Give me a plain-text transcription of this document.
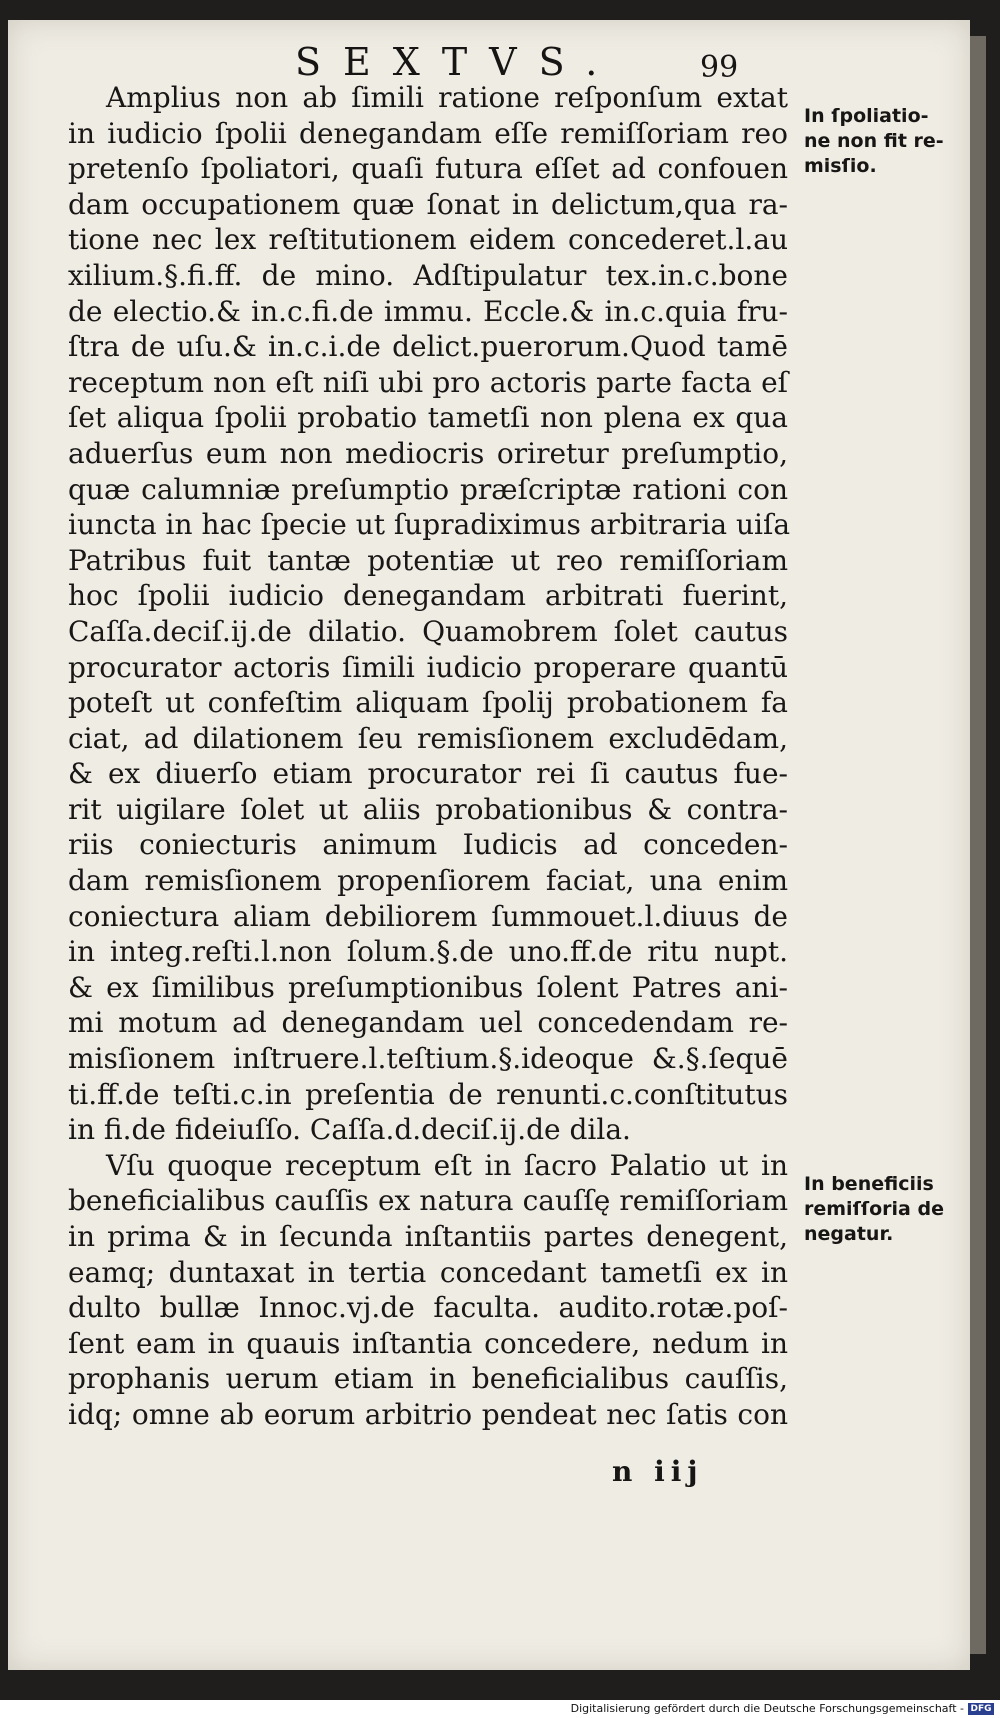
SEXTVS.	99
Amplius non ab ſimili ratione reſponſum extat
in iudicio ſpolii denegandam eſſe remiſſoriam reo
pretenſo ſpoliatori, quaſi futura eſſet ad confouen
dam occupationem quæ ſonat in delictum,qua ra-
tione nec lex reſtitutionem eidem concederet.l.au
xilium.§.fi.ff. de mino. Adſtipulatur tex.in.c.bone
de electio.& in.c.fi.de immu. Eccle.& in.c.quia fru-
ſtra de uſu.& in.c.i.de delict.puerorum.Quod tamē
receptum non eſt niſi ubi pro actoris parte facta eſ
ſet aliqua ſpolii probatio tametſi non plena ex qua
aduerſus eum non mediocris oriretur preſumptio,
quæ calumniæ preſumptio præſcriptæ rationi con
iuncta in hac ſpecie ut ſupradiximus arbitraria uiſa
Patribus fuit tantæ potentiæ ut reo remiſſoriam
hoc ſpolii iudicio denegandam arbitrati fuerint,
Caſſa.deciſ.ij.de dilatio. Quamobrem ſolet cautus
procurator actoris ſimili iudicio properare quantū
poteſt ut confeſtim aliquam ſpolij probationem fa
ciat, ad dilationem ſeu remisſionem excludēdam,
& ex diuerſo etiam procurator rei ſi cautus fue-
rit uigilare ſolet ut aliis probationibus & contra-
riis coniecturis animum Iudicis ad conceden-
dam remisſionem propenſiorem faciat, una enim
coniectura aliam debiliorem ſummouet.l.diuus de
in integ.reſti.l.non ſolum.§.de uno.ff.de ritu nupt.
& ex ſimilibus preſumptionibus ſolent Patres ani-
mi motum ad denegandam uel concedendam re-
misſionem inſtruere.l.teſtium.§.ideoque &.§.ſequē
ti.ff.de teſti.c.in preſentia de renunti.c.conſtitutus
in fi.de fideiuſſo. Caſſa.d.deciſ.ij.de dila.
Vſu quoque receptum eſt in ſacro Palatio ut in
beneficialibus cauſſis ex natura cauſſę remiſſoriam
in prima & in ſecunda inſtantiis partes denegent,
eamq; duntaxat in tertia concedant tametſi ex in
dulto bullæ Innoc.vj.de faculta. audito.rotæ.poſ-
ſent eam in quauis inſtantia concedere, nedum in
prophanis uerum etiam in beneficialibus cauſſis,
idq; omne ab eorum arbitrio pendeat nec ſatis con
In ſpoliatio-
ne non fit re-
misſio.
In beneficiis
remiſſoria de
negatur.
n iij
Digitalisierung gefördert durch die Deutsche Forschungsgemeinschaft - DFG
